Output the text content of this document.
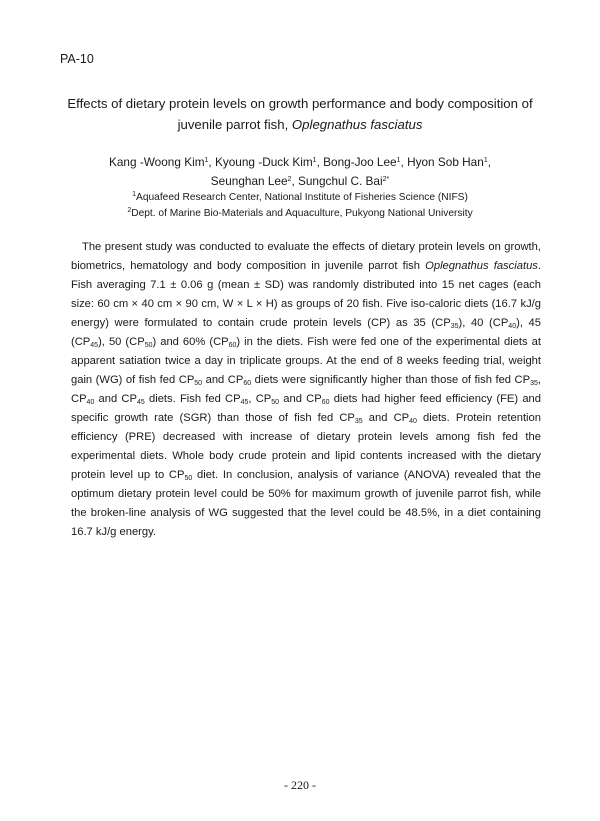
PA-10
Effects of dietary protein levels on growth performance and body composition of
juvenile parrot fish, Oplegnathus fasciatus
Kang -Woong Kim$^1$, Kyoung -Duck Kim$^1$, Bong-Joo Lee$^1$, Hyon Sob Han$^1$,
Seunghan Lee$^2$, Sungchul C. Bai$^{2*}$
$^1$Aquafeed Research Center, National Institute of Fisheries Science (NIFS)
$^2$Dept. of Marine Bio-Materials and Aquaculture, Pukyong National University

The present study was conducted to evaluate the effects of dietary protein levels on growth, biometrics, hematology and body composition in juvenile parrot fish Oplegnathus fasciatus. Fish averaging 7.1 ± 0.06 g (mean ± SD) was randomly distributed into 15 net cages (each size: 60 cm × 40 cm × 90 cm, W × L × H) as groups of 20 fish. Five iso-caloric diets (16.7 kJ/g energy) were formulated to contain crude protein levels (CP) as 35 $(CP_{35})$, 40 $(CP_{40})$, 45 $(CP_{45})$, 50 $(CP_{50})$ and 60% $(CP_{60})$ in the diets. Fish were fed one of the experimental diets at apparent satiation twice a day in triplicate groups. At the end of 8 weeks feeding trial, weight gain (WG) of fish fed $CP_{50}$ and $CP_{60}$ diets were significantly higher than those of fish fed $CP_{35}$, $CP_{40}$ and $CP_{45}$ diets. Fish fed $CP_{45}$, $CP_{50}$ and $CP_{60}$ diets had higher feed efficiency (FE) and specific growth rate (SGR) than those of fish fed $CP_{35}$ and $CP_{40}$ diets. Protein retention efficiency (PRE) decreased with increase of dietary protein levels among fish fed the experimental diets. Whole body crude protein and lipid contents increased with the dietary protein level up to $CP_{50}$ diet. In conclusion, analysis of variance (ANOVA) revealed that the optimum dietary protein level could be 50% for maximum growth of juvenile parrot fish, while the broken-line analysis of WG suggested that the level could be 48.5%, in a diet containing 16.7 kJ/g energy.

- 220 -
